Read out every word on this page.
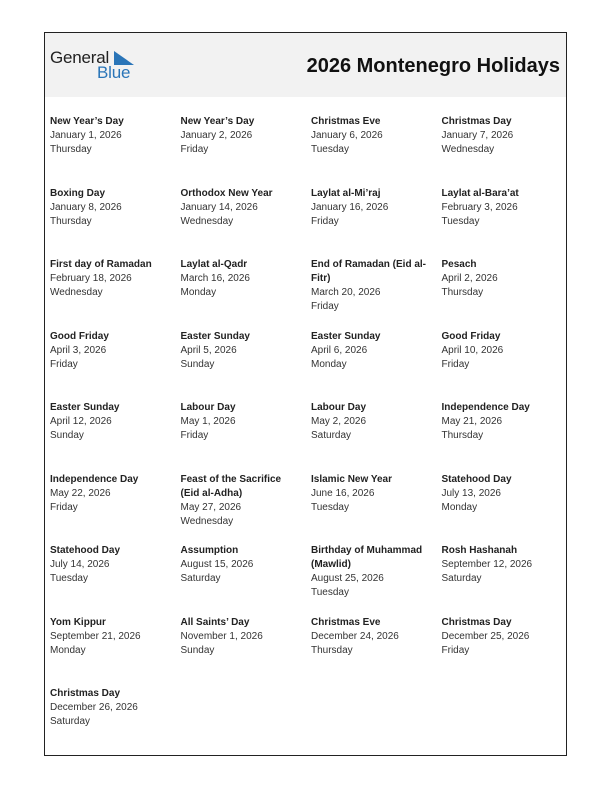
General
Blue	2026 Montenegro Holidays
New Year’s Day
January 1, 2026
Thursday
New Year’s Day
January 2, 2026
Friday
Christmas Eve
January 6, 2026
Tuesday
Christmas Day
January 7, 2026
Wednesday
Boxing Day
January 8, 2026
Thursday
Orthodox New Year
January 14, 2026
Wednesday
Laylat al-Mi’raj
January 16, 2026
Friday
Laylat al-Bara’at
February 3, 2026
Tuesday
First day of Ramadan
February 18, 2026
Wednesday
Laylat al-Qadr
March 16, 2026
Monday
End of Ramadan (Eid al-Fitr)
March 20, 2026
Friday
Pesach
April 2, 2026
Thursday
Good Friday
April 3, 2026
Friday
Easter Sunday
April 5, 2026
Sunday
Easter Sunday
April 6, 2026
Monday
Good Friday
April 10, 2026
Friday
Easter Sunday
April 12, 2026
Sunday
Labour Day
May 1, 2026
Friday
Labour Day
May 2, 2026
Saturday
Independence Day
May 21, 2026
Thursday
Independence Day
May 22, 2026
Friday
Feast of the Sacrifice (Eid al-Adha)
May 27, 2026
Wednesday
Islamic New Year
June 16, 2026
Tuesday
Statehood Day
July 13, 2026
Monday
Statehood Day
July 14, 2026
Tuesday
Assumption
August 15, 2026
Saturday
Birthday of Muhammad (Mawlid)
August 25, 2026
Tuesday
Rosh Hashanah
September 12, 2026
Saturday
Yom Kippur
September 21, 2026
Monday
All Saints’ Day
November 1, 2026
Sunday
Christmas Eve
December 24, 2026
Thursday
Christmas Day
December 25, 2026
Friday
Christmas Day
December 26, 2026
Saturday
